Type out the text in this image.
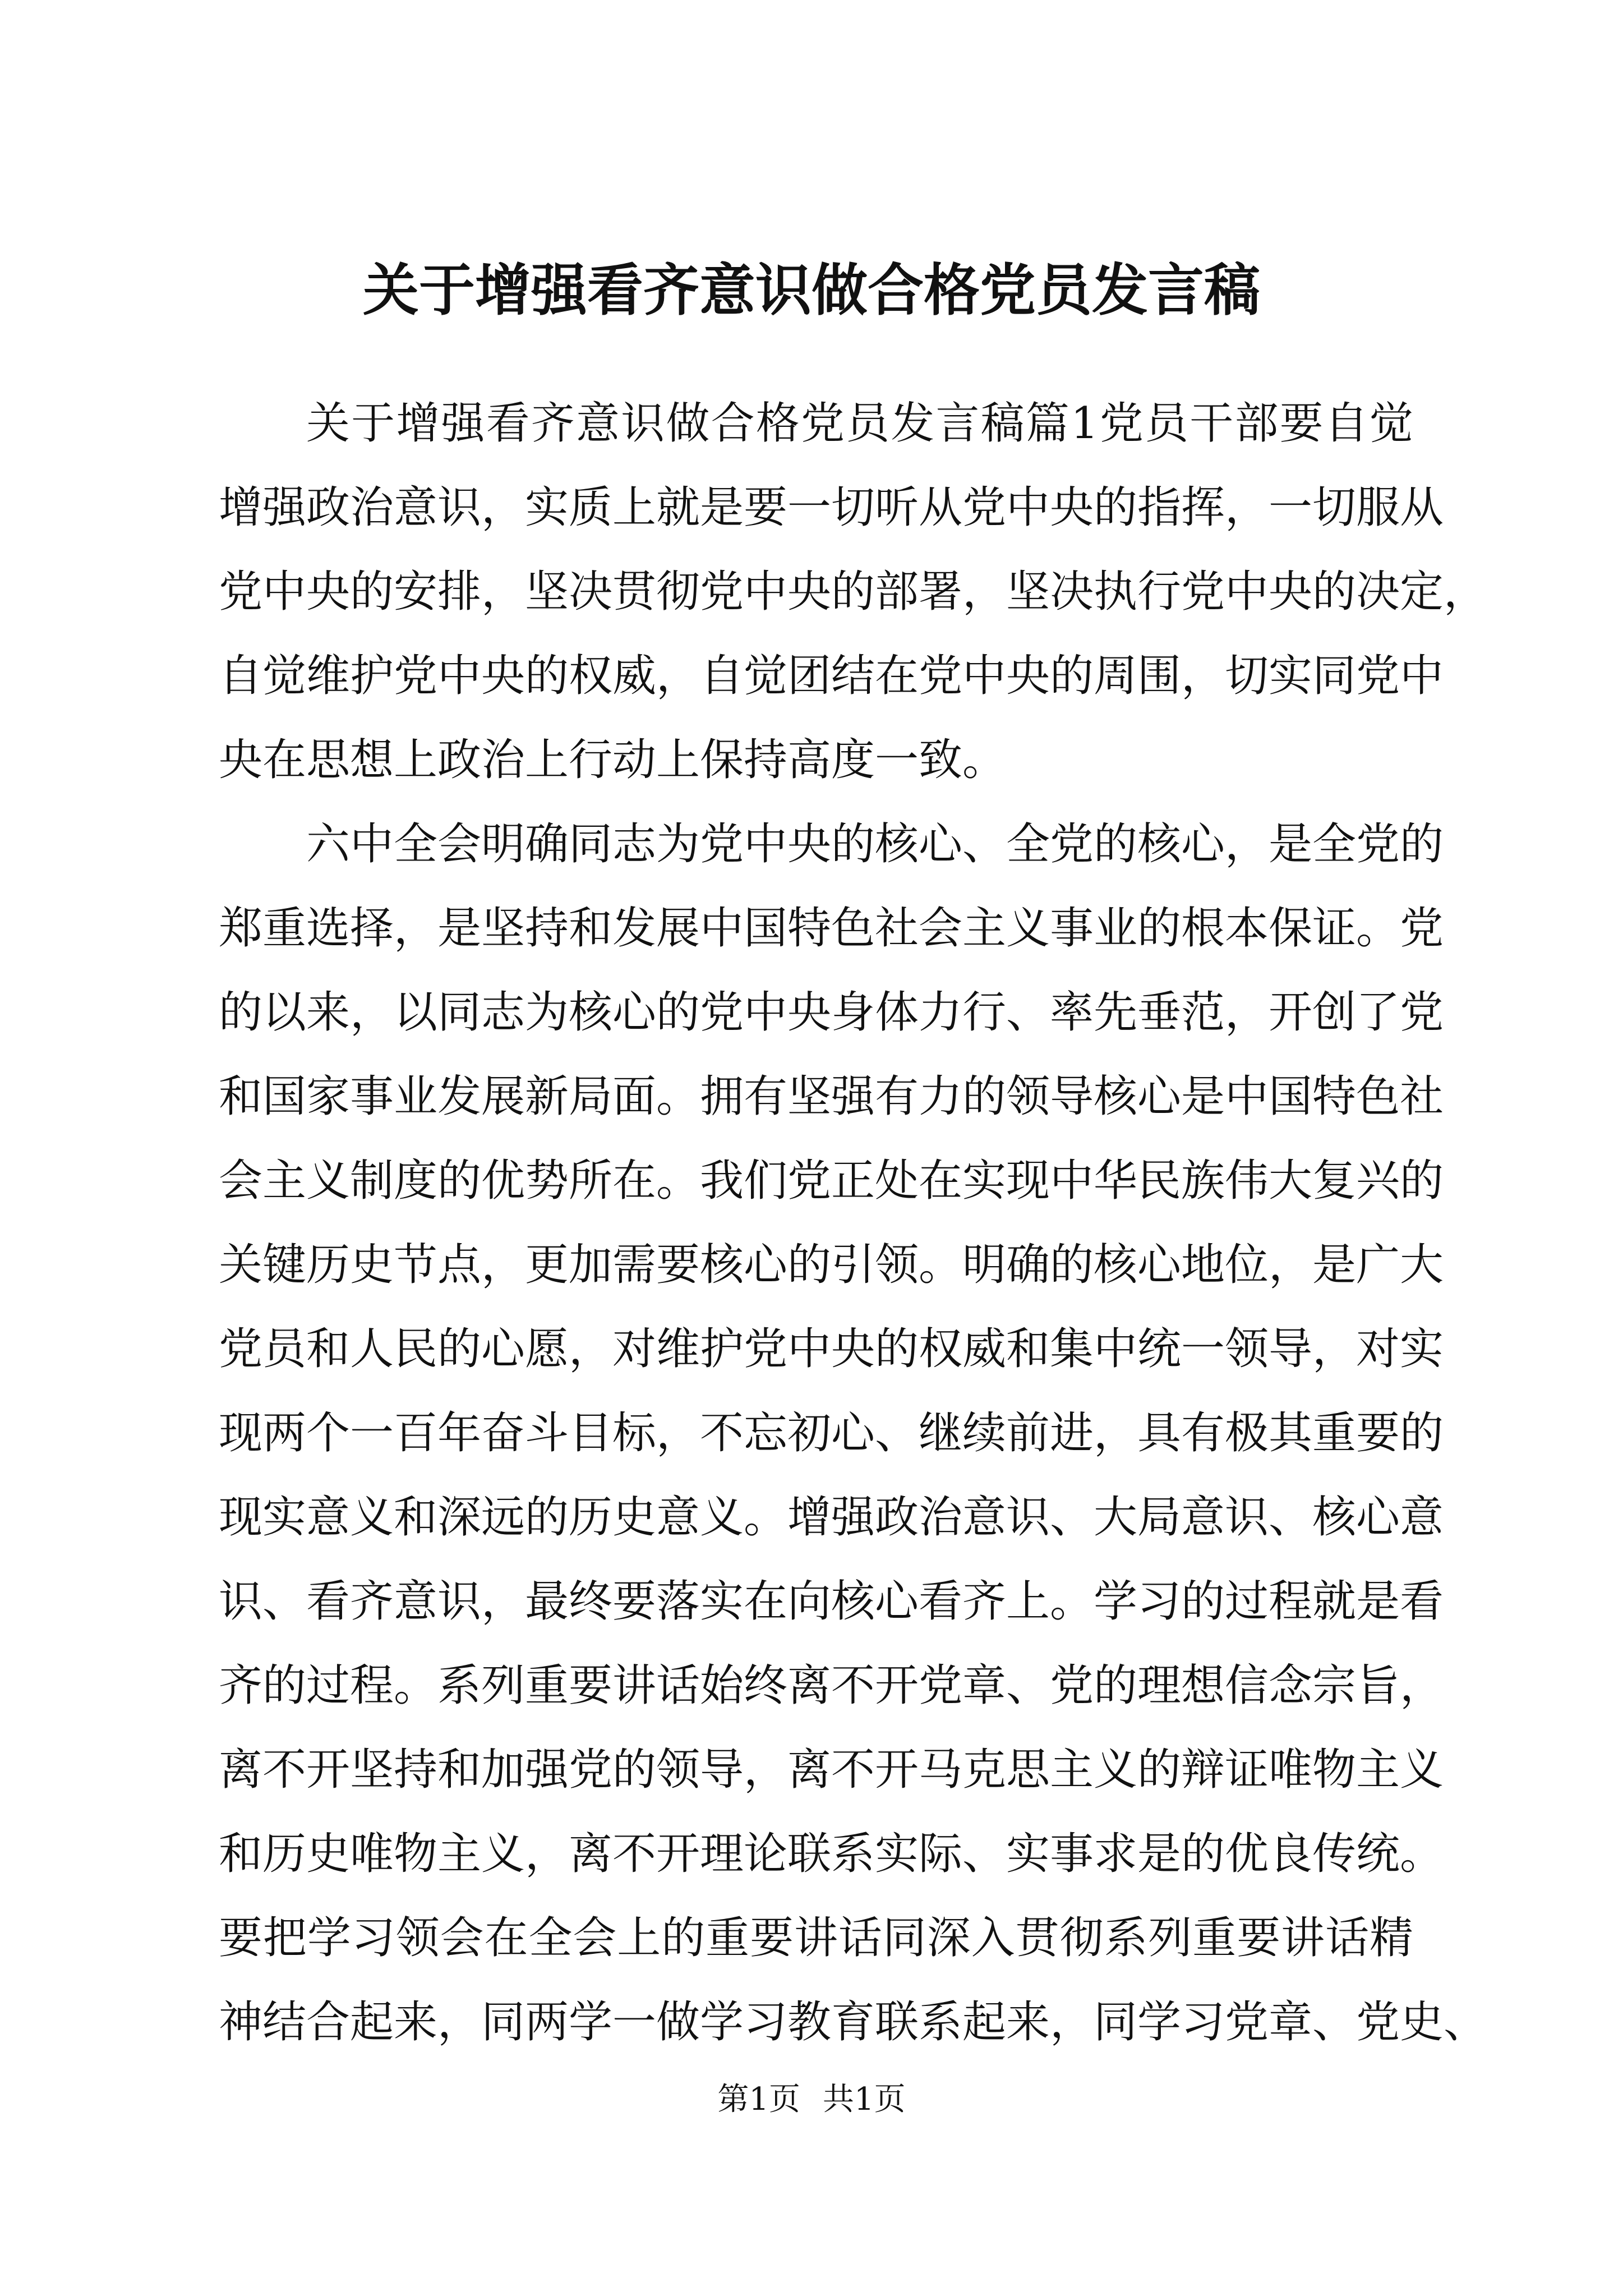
关于增强看齐意识做合格党员发言稿

关于增强看齐意识做合格党员发言稿篇1党员干部要自觉
增强政治意识，实质上就是要一切听从党中央的指挥，一切服从
党中央的安排，坚决贯彻党中央的部署，坚决执行党中央的决定，
自觉维护党中央的权威，自觉团结在党中央的周围，切实同党中
央在思想上政治上行动上保持高度一致。

六中全会明确同志为党中央的核心、全党的核心，是全党的
郑重选择，是坚持和发展中国特色社会主义事业的根本保证。党
的以来，以同志为核心的党中央身体力行、率先垂范，开创了党
和国家事业发展新局面。拥有坚强有力的领导核心是中国特色社
会主义制度的优势所在。我们党正处在实现中华民族伟大复兴的
关键历史节点，更加需要核心的引领。明确的核心地位，是广大
党员和人民的心愿，对维护党中央的权威和集中统一领导，对实
现两个一百年奋斗目标，不忘初心、继续前进，具有极其重要的
现实意义和深远的历史意义。增强政治意识、大局意识、核心意
识、看齐意识，最终要落实在向核心看齐上。学习的过程就是看
齐的过程。系列重要讲话始终离不开党章、党的理想信念宗旨，
离不开坚持和加强党的领导，离不开马克思主义的辩证唯物主义
和历史唯物主义，离不开理论联系实际、实事求是的优良传统。
要把学习领会在全会上的重要讲话同深入贯彻系列重要讲话精
神结合起来，同两学一做学习教育联系起来，同学习党章、党史、

第1页 共1页
